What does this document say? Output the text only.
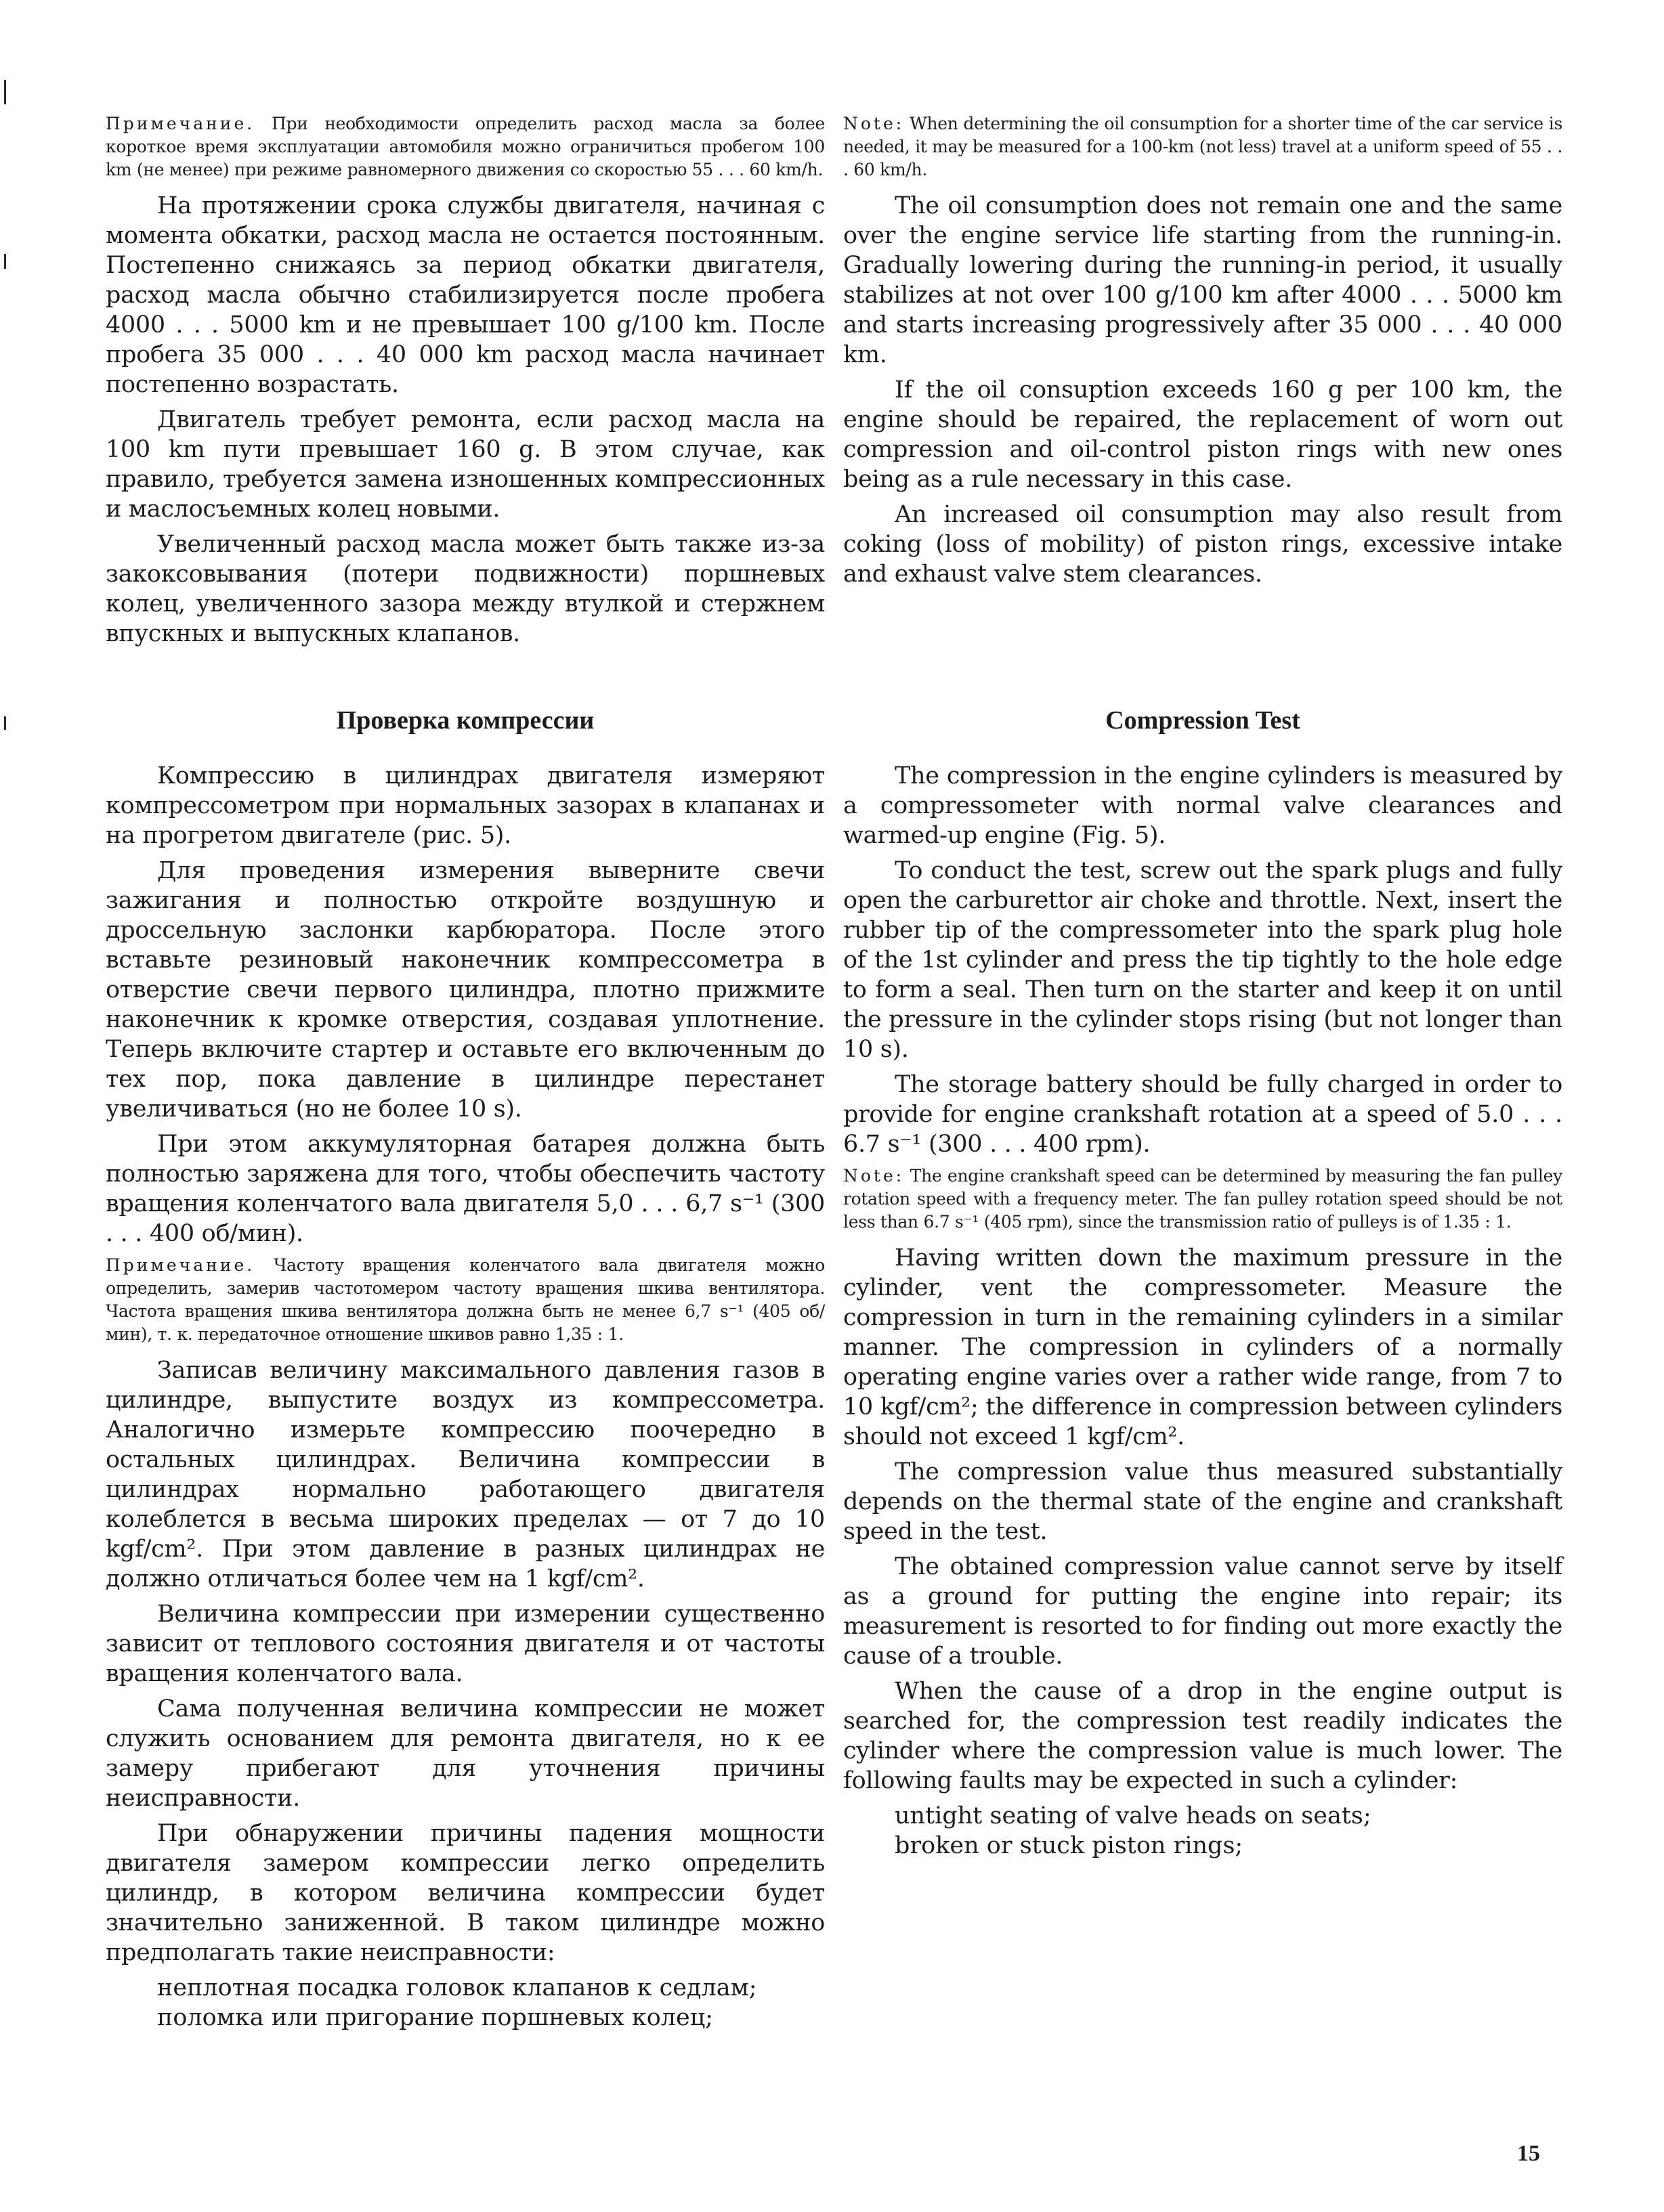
Примечание. При необходимости определить расход масла за более короткое время эксплуатации автомобиля можно ограничиться пробегом 100 km (не менее) при режиме равномерного движения со скоростью 55 . . . 60 km/h.

На протяжении срока службы двигателя, начиная с момента обкатки, расход масла не остается постоянным. Постепенно снижаясь за период обкатки двигателя, расход масла обычно стабилизируется после пробега 4000 . . . 5000 km и не превышает 100 g/100 km. После пробега 35 000 . . . 40 000 km расход масла начинает постепенно возрастать.

Двигатель требует ремонта, если расход масла на 100 km пути превышает 160 g. В этом случае, как правило, требуется замена изношенных компрессионных и маслосъемных колец новыми.

Увеличенный расход масла может быть также из-за закоксовывания (потери подвижности) поршневых колец, увеличенного зазора между втулкой и стержнем впускных и выпускных клапанов.

Проверка компрессии

Компрессию в цилиндрах двигателя измеряют компрессометром при нормальных зазорах в клапанах и на прогретом двигателе (рис. 5).

Для проведения измерения выверните свечи зажигания и полностью откройте воздушную и дроссельную заслонки карбюратора. После этого вставьте резиновый наконечник компрессометра в отверстие свечи первого цилиндра, плотно прижмите наконечник к кромке отверстия, создавая уплотнение. Теперь включите стартер и оставьте его включенным до тех пор, пока давление в цилиндре перестанет увеличиваться (но не более 10 s).

При этом аккумуляторная батарея должна быть полностью заряжена для того, чтобы обеспечить частоту вращения коленчатого вала двигателя 5,0 . . . 6,7 s⁻¹ (300 . . . 400 об/мин).

Примечание. Частоту вращения коленчатого вала двигателя можно определить, замерив частотомером частоту вращения шкива вентилятора. Частота вращения шкива вентилятора должна быть не менее 6,7 s⁻¹ (405 об/мин), т. к. передаточное отношение шкивов равно 1,35 : 1.

Записав величину максимального давления газов в цилиндре, выпустите воздух из компрессометра. Аналогично измерьте компрессию поочередно в остальных цилиндрах. Величина компрессии в цилиндрах нормально работающего двигателя колеблется в весьма широких пределах — от 7 до 10 kgf/cm². При этом давление в разных цилиндрах не должно отличаться более чем на 1 kgf/cm².

Величина компрессии при измерении существенно зависит от теплового состояния двигателя и от частоты вращения коленчатого вала.

Сама полученная величина компрессии не может служить основанием для ремонта двигателя, но к ее замеру прибегают для уточнения причины неисправности.

При обнаружении причины падения мощности двигателя замером компрессии легко определить цилиндр, в котором величина компрессии будет значительно заниженной. В таком цилиндре можно предполагать такие неисправности:

неплотная посадка головок клапанов к седлам;
поломка или пригорание поршневых колец;

Note: When determining the oil consumption for a shorter time of the car service is needed, it may be measured for a 100-km (not less) travel at a uniform speed of 55 . . . 60 km/h.

The oil consumption does not remain one and the same over the engine service life starting from the running-in. Gradually lowering during the running-in period, it usually stabilizes at not over 100 g/100 km after 4000 . . . 5000 km and starts increasing progressively after 35 000 . . . 40 000 km.

If the oil consuption exceeds 160 g per 100 km, the engine should be repaired, the replacement of worn out compression and oil-control piston rings with new ones being as a rule necessary in this case.

An increased oil consumption may also result from coking (loss of mobility) of piston rings, excessive intake and exhaust valve stem clearances.

Compression Test

The compression in the engine cylinders is measured by a compressometer with normal valve clearances and warmed-up engine (Fig. 5).

To conduct the test, screw out the spark plugs and fully open the carburettor air choke and throttle. Next, insert the rubber tip of the compressometer into the spark plug hole of the 1st cylinder and press the tip tightly to the hole edge to form a seal. Then turn on the starter and keep it on until the pressure in the cylinder stops rising (but not longer than 10 s).

The storage battery should be fully charged in order to provide for engine crankshaft rotation at a speed of 5.0 . . . 6.7 s⁻¹ (300 . . . 400 rpm).

Note: The engine crankshaft speed can be determined by measuring the fan pulley rotation speed with a frequency meter. The fan pulley rotation speed should be not less than 6.7 s⁻¹ (405 rpm), since the transmission ratio of pulleys is of 1.35 : 1.

Having written down the maximum pressure in the cylinder, vent the compressometer. Measure the compression in turn in the remaining cylinders in a similar manner. The compression in cylinders of a normally operating engine varies over a rather wide range, from 7 to 10 kgf/cm²; the difference in compression between cylinders should not exceed 1 kgf/cm².

The compression value thus measured substantially depends on the thermal state of the engine and crankshaft speed in the test.

The obtained compression value cannot serve by itself as a ground for putting the engine into repair; its measurement is resorted to for finding out more exactly the cause of a trouble.

When the cause of a drop in the engine output is searched for, the compression test readily indicates the cylinder where the compression value is much lower. The following faults may be expected in such a cylinder:

untight seating of valve heads on seats;
broken or stuck piston rings;
15
